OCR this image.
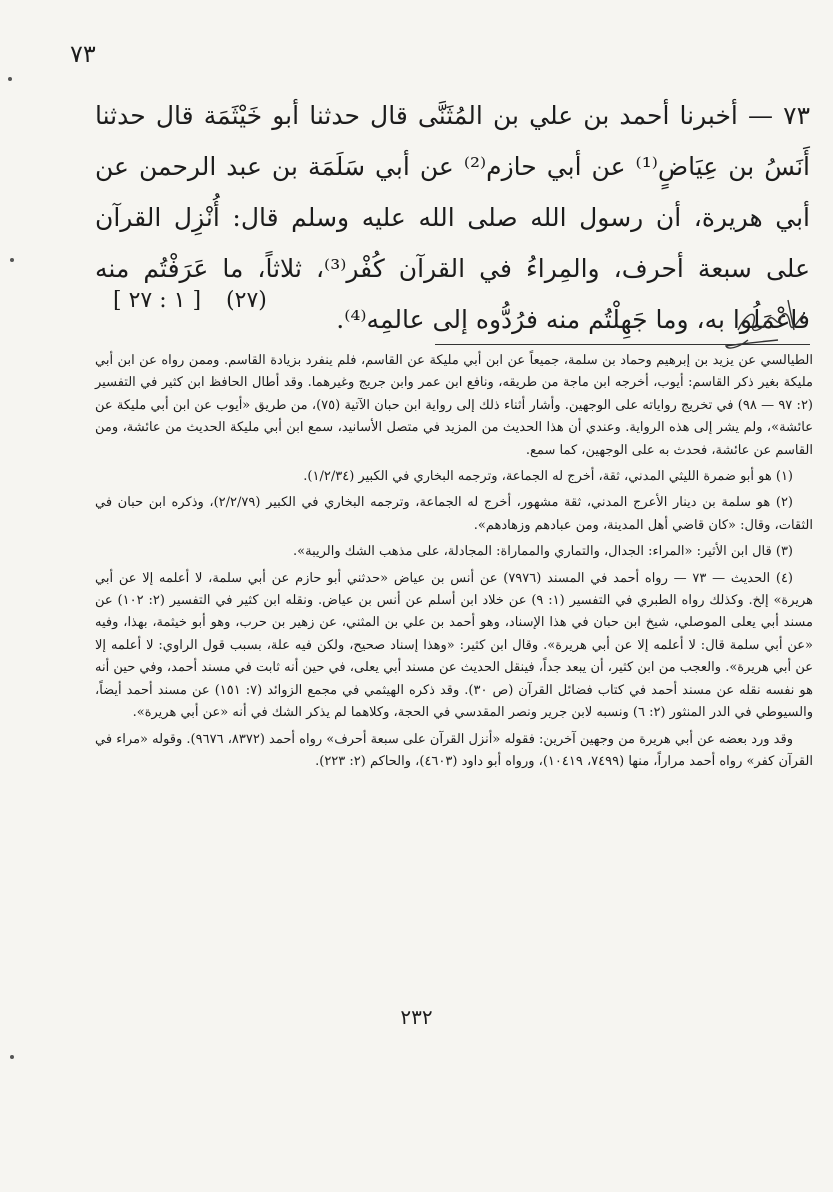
٧٣

٧٣ — أخبرنا أحمد بن علي بن المُثَنَّى قال حدثنا أبو خَيْثَمَة قال حدثنا أَنَسُ بن عِيَاضٍ⁽¹⁾ عن أبي حازم⁽²⁾ عن أبي سَلَمَة بن عبد الرحمن عن أبي هريرة، أن رسول الله صلى الله عليه وسلم قال: أُنْزِل القرآن على سبعة أحرف، والمِراءُ في القرآن كُفْر⁽³⁾، ثلاثاً، ما عَرَفْتُم منه فاعْمَلُوا به، وما جَهِلْتُم منه فرُدُّوه إلى عالمِه⁽⁴⁾.

(٢٧) [ ١ : ٢٧ ]

الطيالسي عن يزيد بن إبرهيم وحماد بن سلمة، جميعاً عن ابن أبي مليكة عن القاسم، فلم ينفرد بزيادة القاسم. وممن رواه عن ابن أبي مليكة بغير ذكر القاسم: أيوب، أخرجه ابن ماجة من طريقه، ونافع ابن عمر وابن جريج وغيرهما. وقد أطال الحافظ ابن كثير في التفسير (٢: ٩٧ — ٩٨) في تخريج رواياته على الوجهين. وأشار أثناء ذلك إلى رواية ابن حبان الآتية (٧٥)، من طريق «أيوب عن ابن أبي مليكة عن عائشة»، ولم يشر إلى هذه الرواية. وعندي أن هذا الحديث من المزيد في متصل الأسانيد، سمع ابن أبي مليكة الحديث من عائشة، ومن القاسم عن عائشة، فحدث به على الوجهين، كما سمع.

(١) هو أبو ضمرة الليثي المدني، ثقة، أخرج له الجماعة، وترجمه البخاري في الكبير (١/٢/٣٤).

(٢) هو سلمة بن دينار الأعرج المدني، ثقة مشهور، أخرج له الجماعة، وترجمه البخاري في الكبير (٢/٢/٧٩)، وذكره ابن حبان في الثقات، وقال: «كان قاضي أهل المدينة، ومن عبادهم وزهادهم».

(٣) قال ابن الأثير: «المراء: الجدال، والتماري والمماراة: المجادلة، على مذهب الشك والريبة».

(٤) الحديث — ٧٣ — رواه أحمد في المسند (٧٩٧٦) عن أنس بن عياض «حدثني أبو حازم عن أبي سلمة، لا أعلمه إلا عن أبي هريرة» إلخ. وكذلك رواه الطبري في التفسير (١: ٩) عن خلاد ابن أسلم عن أنس بن عياض. ونقله ابن كثير في التفسير (٢: ١٠٢) عن مسند أبي يعلى الموصلي، شيخ ابن حبان في هذا الإسناد، وهو أحمد بن علي بن المثني، عن زهير بن حرب، وهو أبو خيثمة، بهذا، وفيه «عن أبي سلمة قال: لا أعلمه إلا عن أبي هريرة». وقال ابن كثير: «وهذا إسناد صحيح، ولكن فيه علة، بسبب قول الراوي: لا أعلمه إلا عن أبي هريرة». والعجب من ابن كثير، أن يبعد جداً، فينقل الحديث عن مسند أبي يعلى، في حين أنه ثابت في مسند أحمد، وفي حين أنه هو نفسه نقله عن مسند أحمد في كتاب فضائل القرآن (ص ٣٠). وقد ذكره الهيثمي في مجمع الزوائد (٧: ١٥١) عن مسند أحمد أيضاً، والسيوطي في الدر المنثور (٢: ٦) ونسبه لابن جرير ونصر المقدسي في الحجة، وكلاهما لم يذكر الشك في أنه «عن أبي هريرة».

وقد ورد بعضه عن أبي هريرة من وجهين آخرين: فقوله «أنزل القرآن على سبعة أحرف» رواه أحمد (٨٣٧٢، ٩٦٧٦). وقوله «مراء في القرآن كفر» رواه أحمد مراراً، منها (٧٤٩٩، ١٠٤١٩)، ورواه أبو داود (٤٦٠٣)، والحاكم (٢: ٢٢٣).

٢٣٢
